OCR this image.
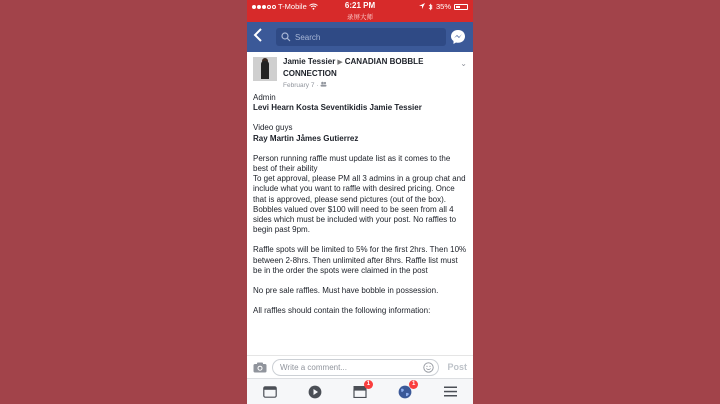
T-Mobile	6:21 PM
录屏大师
35%
Search
Jamie Tessier ▶ CANADIAN BOBBLE CONNECTION
February 7 ·
⌄

Admin
Levi Hearn Kosta Seventikidis Jamie Tessier

Video guys
Ray Martin Jåmes Gutierrez

Person running raffle must update list as it comes to the best of their ability
To get approval, please PM all 3 admins in a group chat and include what you want to raffle with desired pricing. Once that is approved, please send pictures (out of the box). Bobbles valued over $100 will need to be seen from all 4 sides which must be included with your post. No raffles to begin past 9pm.

Raffle spots will be limited to 5% for the first 2hrs. Then 10% between 2-8hrs. Then unlimited after 8hrs. Raffle list must be in the order the spots were claimed in the post

No pre sale raffles. Must have bobble in possession.

All raffles should contain the following information:

Write a comment...
Post
1	1
